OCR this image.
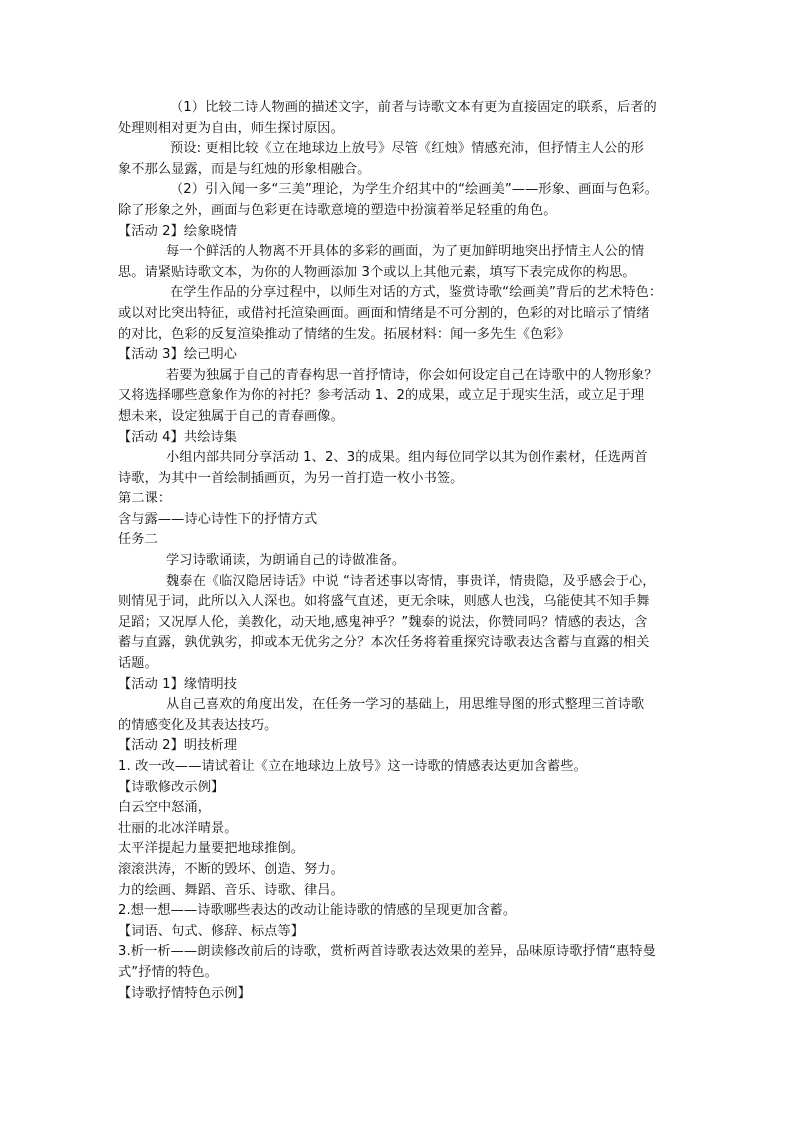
（1）比较二诗人物画的描述文字，前者与诗歌文本有更为直接固定的联系，后者的
处理则相对更为自由，师生探讨原因。
预设: 更相比较《立在地球边上放号》尽管《红烛》情感充沛，但抒情主人公的形
象不那么显露，而是与红烛的形象相融合。
（2）引入闻一多“三美”理论，为学生介绍其中的“绘画美”——形象、画面与色彩。
除了形象之外，画面与色彩更在诗歌意境的塑造中扮演着举足轻重的角色。
【活动 2】绘象晓情
每一个鲜活的人物离不开具体的多彩的画面，为了更加鲜明地突出抒情主人公的情
思。请紧贴诗歌文本，为你的人物画添加 3个或以上其他元素，填写下表完成你的构思。
在学生作品的分享过程中，以师生对话的方式，鉴赏诗歌“绘画美”背后的艺术特色：
或以对比突出特征，或借衬托渲染画面。画面和情绪是不可分割的，色彩的对比暗示了情绪
的对比，色彩的反复渲染推动了情绪的生发。拓展材料：闻一多先生《色彩》
【活动 3】绘己明心
若要为独属于自己的青春构思一首抒情诗，你会如何设定自己在诗歌中的人物形象？
又将选择哪些意象作为你的衬托？参考活动 1、2的成果，或立足于现实生活，或立足于理
想未来，设定独属于自己的青春画像。
【活动 4】共绘诗集
小组内部共同分享活动 1、2、3的成果。组内每位同学以其为创作素材，任选两首
诗歌，为其中一首绘制插画页，为另一首打造一枚小书签。
第二课：
含与露——诗心诗性下的抒情方式
任务二
学习诗歌诵读，为朗诵自己的诗做准备。
魏泰在《临汉隐居诗话》中说 “诗者述事以寄情，事贵详，情贵隐，及乎感会于心，
则情见于词，此所以入人深也。如将盛气直述，更无余味，则感人也浅，乌能使其不知手舞
足蹈；又况厚人伦，美教化，动天地,感鬼神乎？”魏泰的说法，你赞同吗？情感的表达，含
蓄与直露，孰优孰劣，抑或本无优劣之分？本次任务将着重探究诗歌表达含蓄与直露的相关
话题。
【活动 1】缘情明技
从自己喜欢的角度出发，在任务一学习的基础上，用思维导图的形式整理三首诗歌
的情感变化及其表达技巧。
【活动 2】明技析理
1. 改一改——请试着让《立在地球边上放号》这一诗歌的情感表达更加含蓄些。
【诗歌修改示例】
白云空中怒涌，
壮丽的北冰洋晴景。
太平洋提起力量要把地球推倒。
滚滚洪涛，不断的毁坏、创造、努力。
力的绘画、舞蹈、音乐、诗歌、律吕。
2.想一想——诗歌哪些表达的改动让能诗歌的情感的呈现更加含蓄。
【词语、句式、修辞、标点等】
3.析一析——朗读修改前后的诗歌，赏析两首诗歌表达效果的差异，品味原诗歌抒情“惠特曼
式”抒情的特色。
【诗歌抒情特色示例】
